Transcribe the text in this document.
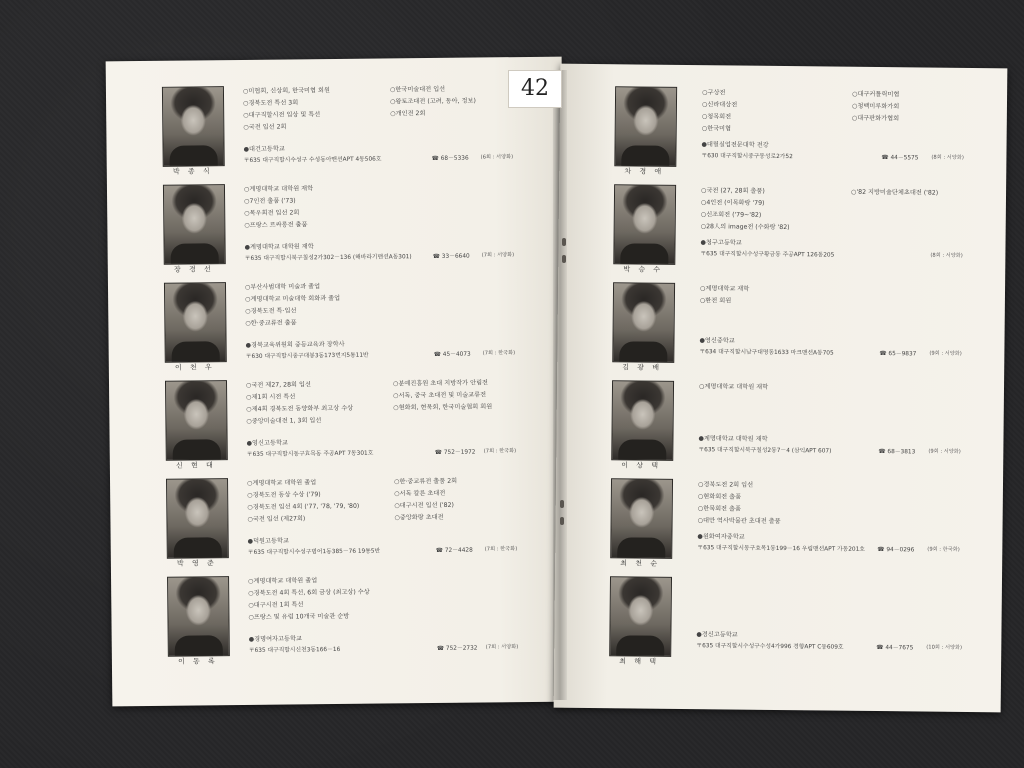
박 종 식
○미협회, 신상회, 한국미협 회원
○경북도전 특선 3회
○대구직할시전 입상 및 특선
○국전 입선 2회
○한국미술대전 입선
○왕토조대전 (고려, 동아, 정보)
○개인전 2회
●대건고등학교
〒635 대구직할시수성구 수성동아맨션APT 4동506호	☎ 68－5336 (6회 : 서양화)
장 경 선
○계명대학교 대학원 재학
○7인전 출품 ('73)
○목우회전 입선 2회
○프랑스 르싸롱전 출품
●계명대학교 대학원 재학
〒635 대구직할시북구칠성2가302－136 (해바라기맨션A동301)	☎ 33－6640 (7회 : 서양화)
이 천 우
○부산사범대학 미술과 졸업
○계명대학교 미술대학 회화과 졸업
○경북도전 특·입선
○한·중교류전 출품
●경북교육위원회 중등교육과 장학사
〒630 대구직할시중구대봉3동173번지5통11반	☎ 45－4073 (7회 : 한국화)
신 현 대
○국전 제27, 28회 입선
○제1회 시전 특선
○제4회 경북도전 동양화부 최고상 수상
○중앙미술대전 1, 3회 입선
○분예진흥원 초대 지방작가 안림전
○서독, 중국 초대전 및 미술교류전
○현화회, 현묵회, 한국미술협회 회원
●영신고등학교
〒635 대구직할시동구효목동 주공APT 7동301호	☎ 752－1972 (7회 : 한국화)
박 영 준
○계명대학교 대학원 졸업
○경북도전 동상 수상 ('79)
○경북도전 입선 4회 ('77, '78, '79, '80)
○국전 입선 (제27회)
○한·중교류전 출품 2회
○서독 칼른 초대전
○대구시전 입선 ('82)
○중앙화랑 초대전
●덕원고등학교
〒635 대구직할시수성구범어1동385－76 19통5반	☎ 72－4428 (7회 : 한국화)
이 동 록
○계명대학교 대학원 졸업
○경북도전 4회 특선, 6회 금상 (최고상) 수상
○대구시전 1회 특선
○프랑스 및 유럽 10개국 미술관 순방
●경명여자고등학교
〒635 대구직할시신천3동166－16	☎ 752－2732 (7회 : 서양화)
차 경 애
○구상전
○신라대상전
○청목회전
○한국미협
○대구커틀릭미협
○청백미루화가회
○대구판화가협회
●대릴실업전문대학 전강
〒630 대구직할시중구동성로2가52	☎ 44－5575 (8회 : 서양화)
박 승 수
○국전 (27, 28회 출품)
○4인전 (이목화랑 '79)
○신조회전 ('79~'82)
○28人의 image전 (수화랑 '82)
○'82 지방미술단체초대전 ('82)
●청구고등학교
〒635 대구직할시수성구황금동 주공APT 126동205	(8회 : 서양화)
김 광 배
○계명대학교 재학
○환전 회원
●영신중학교
〒634 대구직할시남구대명동1633 마크맨션A동705	☎ 65－9837 (9회 : 서양화)
이 상 택
○계명대학교 대학원 재학
●계명대학교 대학원 재학
〒635 대구직할시북구칠성2동7－4 (삼익APT 607)	☎ 68－3813 (9회 : 서양화)
최 천 순
○경북도전 2회 입선
○현화회전 출품
○한묵회전 출품
○대만 역사박물관 초대전 출품
●원화여자중학교
〒635 대구직할시동구효목1동199－16 우림맨션APT 가동201호 ☎ 94－0296 (9회 : 한국화)
최 해 택
●경신고등학교
〒635 대구직할시수성구수성4가996 경향APT C동609호	☎ 44－7675 (10회 : 서양화)
42
